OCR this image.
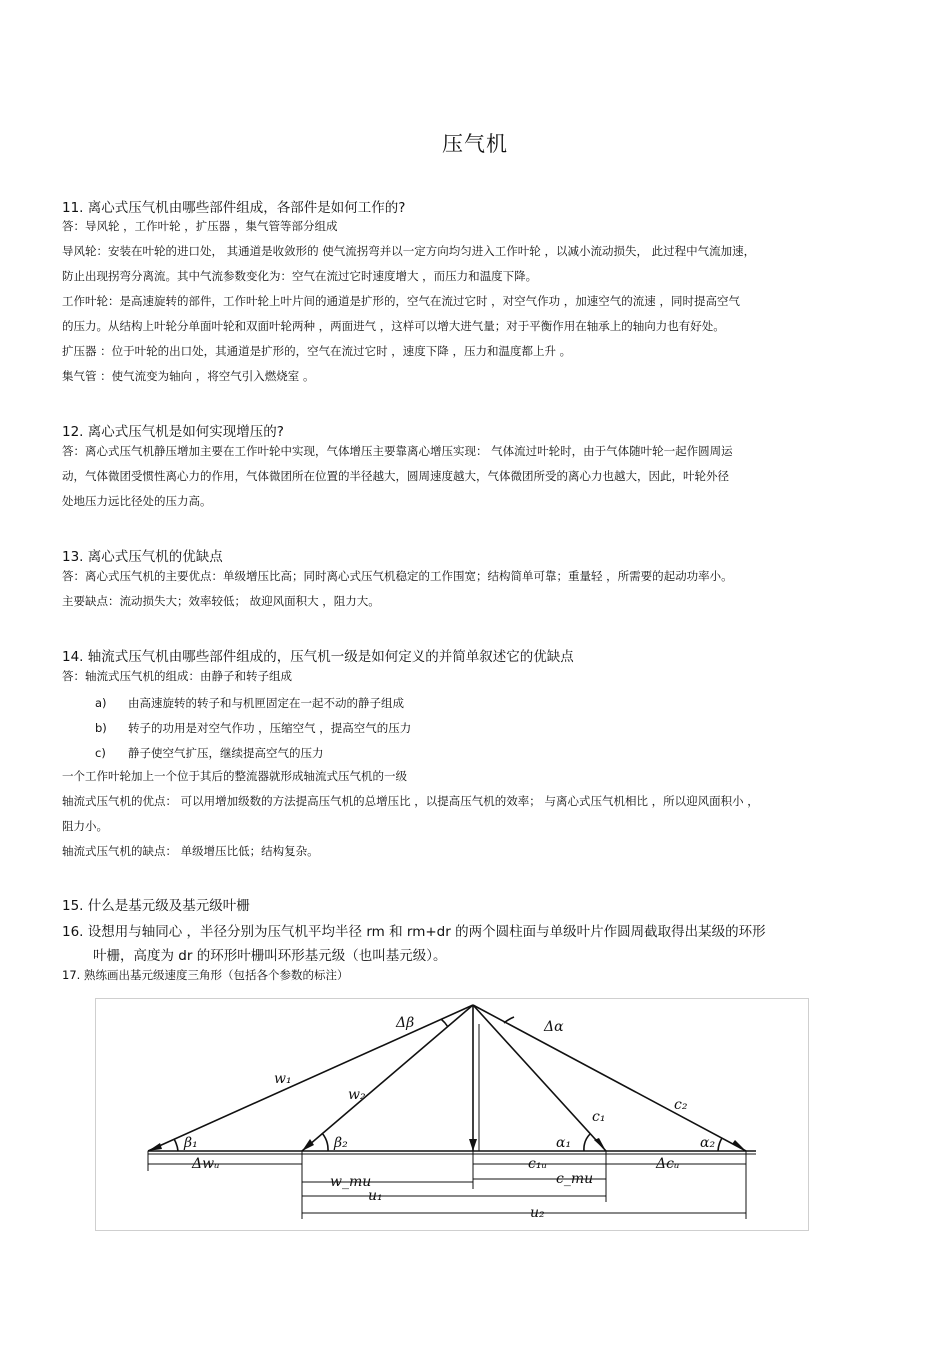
压气机
11. 离心式压气机由哪些部件组成，各部件是如何工作的?
答：导风轮 ，工作叶轮 ，扩压器 ，集气管等部分组成
导风轮：安装在叶轮的进口处， 其通道是收敛形的 使气流拐弯并以一定方向均匀进入工作叶轮 ，以减小流动损失， 此过程中气流加速，
防止出现拐弯分离流。其中气流参数变化为：空气在流过它时速度增大 ，而压力和温度下降。
工作叶轮：是高速旋转的部件，工作叶轮上叶片间的通道是扩形的，空气在流过它时 ，对空气作功 ，加速空气的流速 ，同时提高空气
的压力。从结构上叶轮分单面叶轮和双面叶轮两种 ，两面进气 ，这样可以增大进气量；对于平衡作用在轴承上的轴向力也有好处。
扩压器 ：位于叶轮的出口处，其通道是扩形的，空气在流过它时 ，速度下降 ，压力和温度都上升 。
集气管 ：使气流变为轴向 ，将空气引入燃烧室 。
12. 离心式压气机是如何实现增压的?
答：离心式压气机静压增加主要在工作叶轮中实现，气体增压主要靠离心增压实现： 气体流过叶轮时，由于气体随叶轮一起作圆周运
动，气体微团受惯性离心力的作用，气体微团所在位置的半径越大，圆周速度越大，气体微团所受的离心力也越大，因此，叶轮外径
处地压力远比径处的压力高。
13. 离心式压气机的优缺点
答：离心式压气机的主要优点：单级增压比高；同时离心式压气机稳定的工作围宽；结构简单可靠；重量轻 ，所需要的起动功率小。
主要缺点：流动损失大；效率较低； 故迎风面积大 ，阻力大。
14. 轴流式压气机由哪些部件组成的，压气机一级是如何定义的并简单叙述它的优缺点
答：轴流式压气机的组成：由静子和转子组成
a) 由高速旋转的转子和与机匣固定在一起不动的静子组成
b) 转子的功用是对空气作功 ，压缩空气 ，提高空气的压力
c) 静子使空气扩压，继续提高空气的压力
一个工作叶轮加上一个位于其后的整流器就形成轴流式压气机的一级
轴流式压气机的优点： 可以用增加级数的方法提高压气机的总增压比 ，以提高压气机的效率； 与离心式压气机相比 ，所以迎风面积小 ，
阻力小。
轴流式压气机的缺点： 单级增压比低；结构复杂。
15. 什么是基元级及基元级叶栅
16. 设想用与轴同心 ，半径分别为压气机平均半径 rm 和 rm+dr 的两个圆柱面与单级叶片作圆周截取得出某级的环形
叶栅，高度为 dr 的环形叶栅叫环形基元级（也叫基元级）。
17. 熟练画出基元级速度三角形（包括各个参数的标注）
Δβ	Δα
w₁
w₂
c₁
c₂
β₁	β₂	α₁	α₂
Δwᵤ
w_mu
c₁ᵤ
c_mu
Δcᵤ
u₁
u₂
